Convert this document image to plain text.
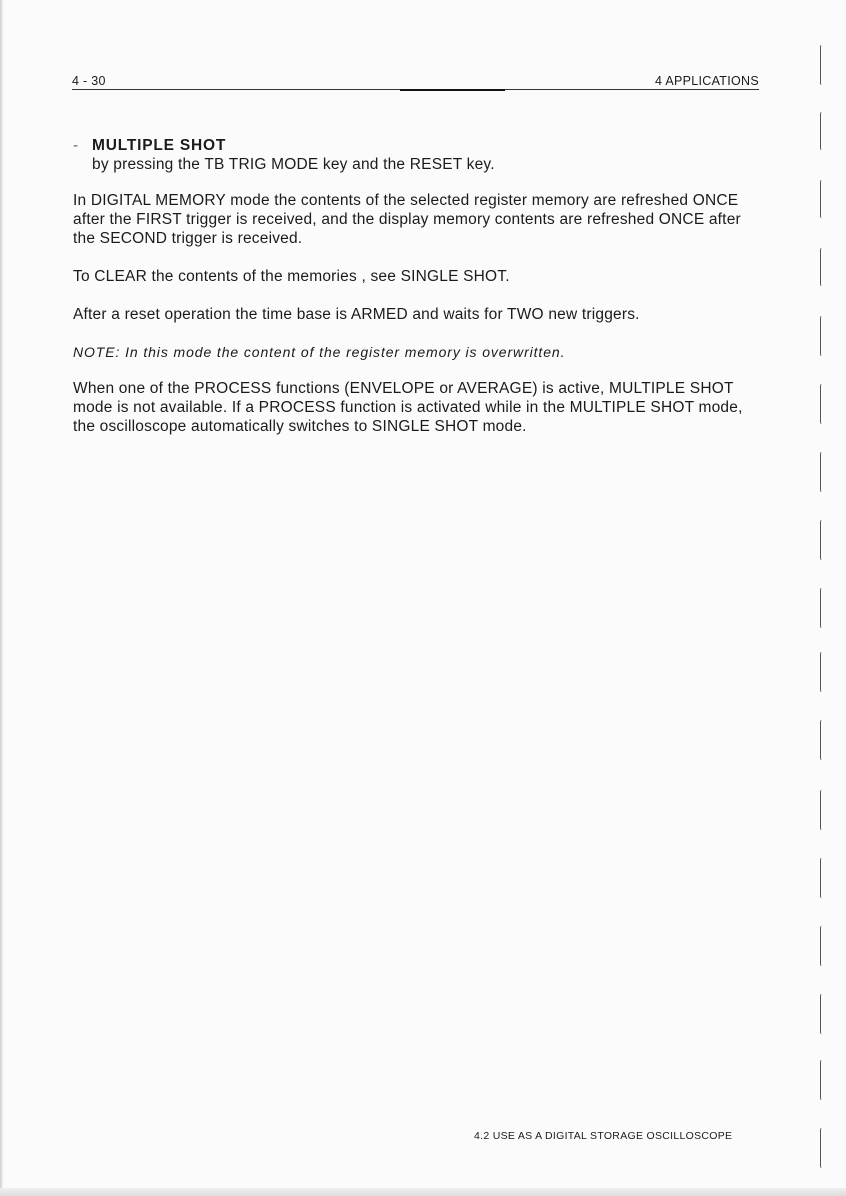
4 - 30	4 APPLICATIONS
- MULTIPLE SHOT
by pressing the TB TRIG MODE key and the RESET key.

In DIGITAL MEMORY mode the contents of the selected register memory are refreshed ONCE after the FIRST trigger is received, and the display memory contents are refreshed ONCE after the SECOND trigger is received.

To CLEAR the contents of the memories , see SINGLE SHOT.

After a reset operation the time base is ARMED and waits for TWO new triggers.

NOTE: In this mode the content of the register memory is overwritten.

When one of the PROCESS functions (ENVELOPE or AVERAGE) is active, MULTIPLE SHOT mode is not available. If a PROCESS function is activated while in the MULTIPLE SHOT mode, the oscilloscope automatically switches to SINGLE SHOT mode.

4.2 USE AS A DIGITAL STORAGE OSCILLOSCOPE
